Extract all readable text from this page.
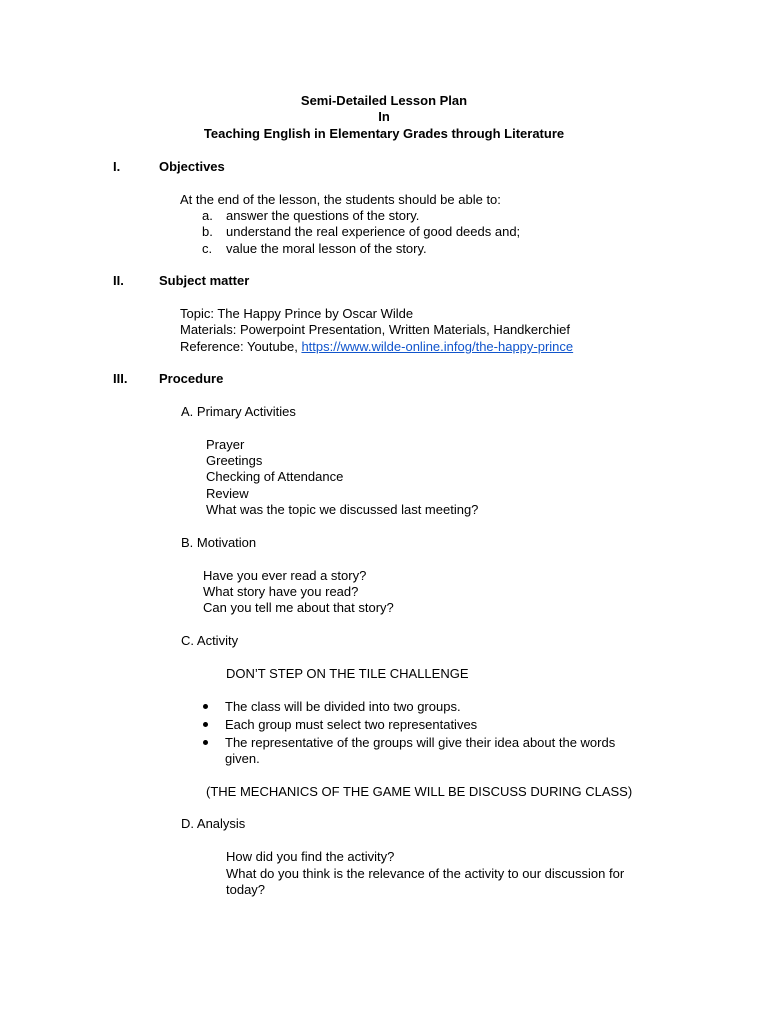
Semi-Detailed Lesson Plan
In
Teaching English in Elementary Grades through Literature
I.	Objectives
At the end of the lesson, the students should be able to:
a. answer the questions of the story.
b. understand the real experience of good deeds and;
c. value the moral lesson of the story.
II.	Subject matter
Topic: The Happy Prince by Oscar Wilde
Materials: Powerpoint Presentation, Written Materials, Handkerchief
Reference: Youtube, https://www.wilde-online.infog/the-happy-prince
III. Procedure
A. Primary Activities
Prayer
Greetings
Checking of Attendance
Review
What was the topic we discussed last meeting?
B. Motivation
Have you ever read a story?
What story have you read?
Can you tell me about that story?
C. Activity
DON’T STEP ON THE TILE CHALLENGE
The class will be divided into two groups.
Each group must select two representatives
The representative of the groups will give their idea about the words
given.
(THE MECHANICS OF THE GAME WILL BE DISCUSS DURING CLASS)
D. Analysis
How did you find the activity?
What do you think is the relevance of the activity to our discussion for
today?
